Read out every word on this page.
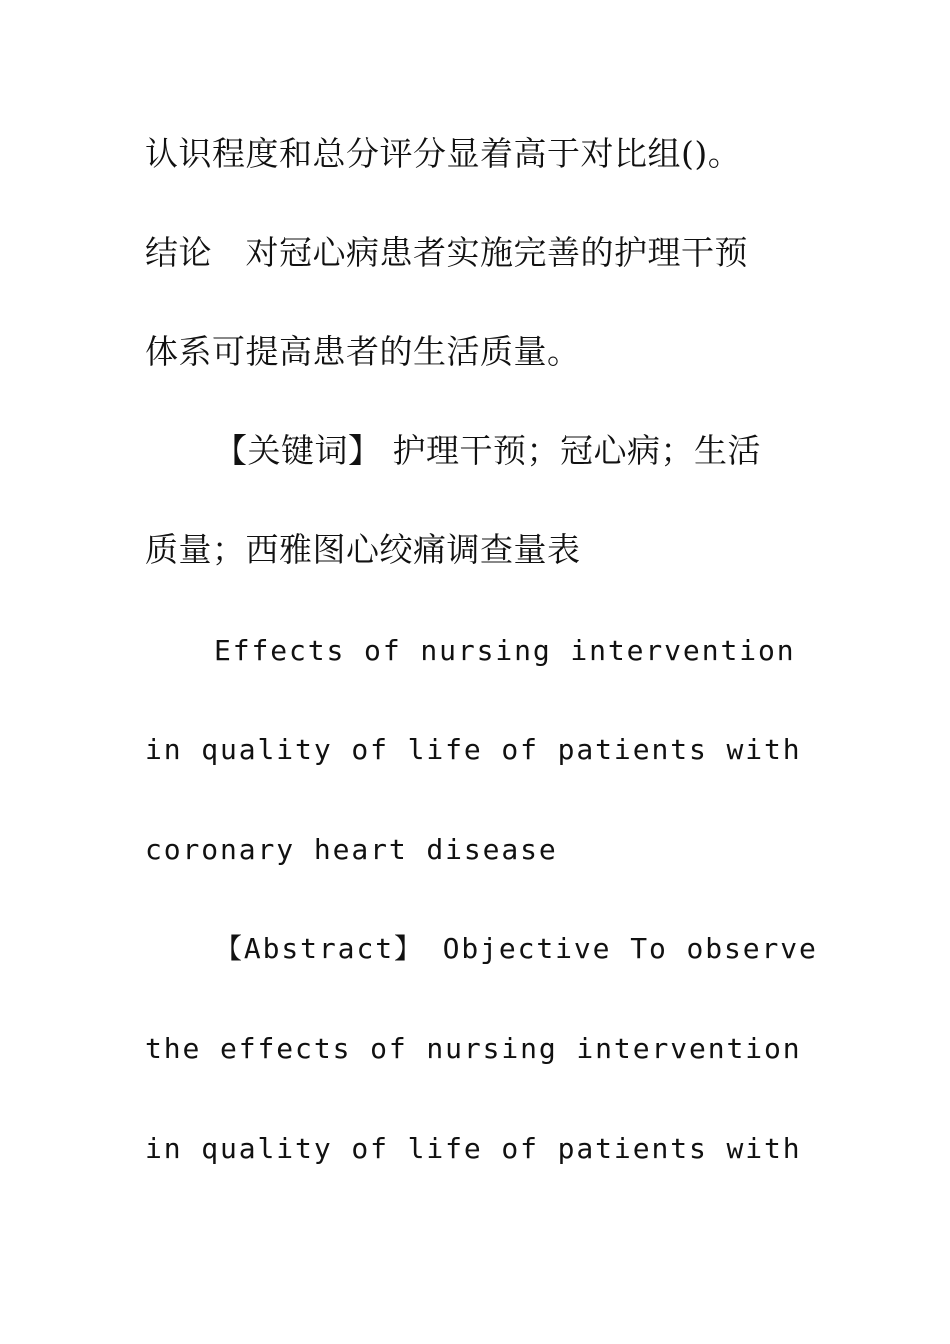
认识程度和总分评分显着高于对比组()。
结论　对冠心病患者实施完善的护理干预
体系可提高患者的生活质量。
【关键词】 护理干预；冠心病；生活
质量；西雅图心绞痛调查量表
Effects of nursing intervention
in quality of life of patients with
coronary heart disease
【Abstract】 Objective To observe
the effects of nursing intervention
in quality of life of patients with
